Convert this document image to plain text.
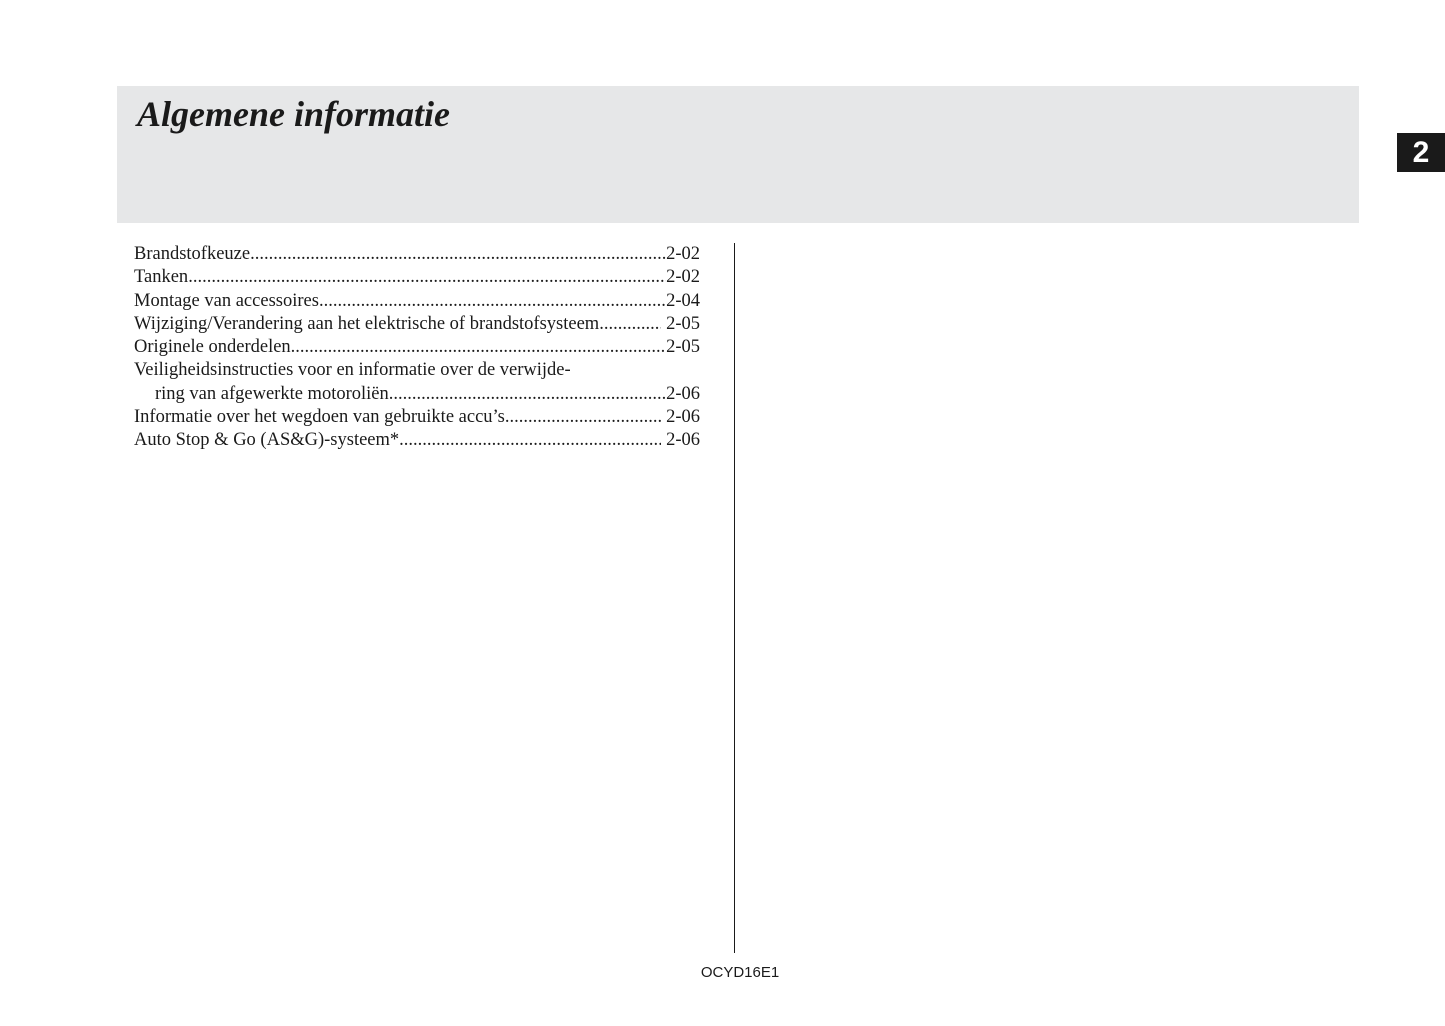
Algemene informatie
2
Brandstofkeuze .....	2-02
Tanken .....	2-02
Montage van accessoires .....	2-04
Wijziging/Verandering aan het elektrische of brandstofsysteem .....	2-05
Originele onderdelen .....	2-05
Veiligheidsinstructies voor en informatie over de verwijde-
ring van afgewerkte motoroliën .....	2-06
Informatie over het wegdoen van gebruikte accu’s .....	2-06
Auto Stop & Go (AS&G)-systeem* .....	2-06
OCYD16E1
